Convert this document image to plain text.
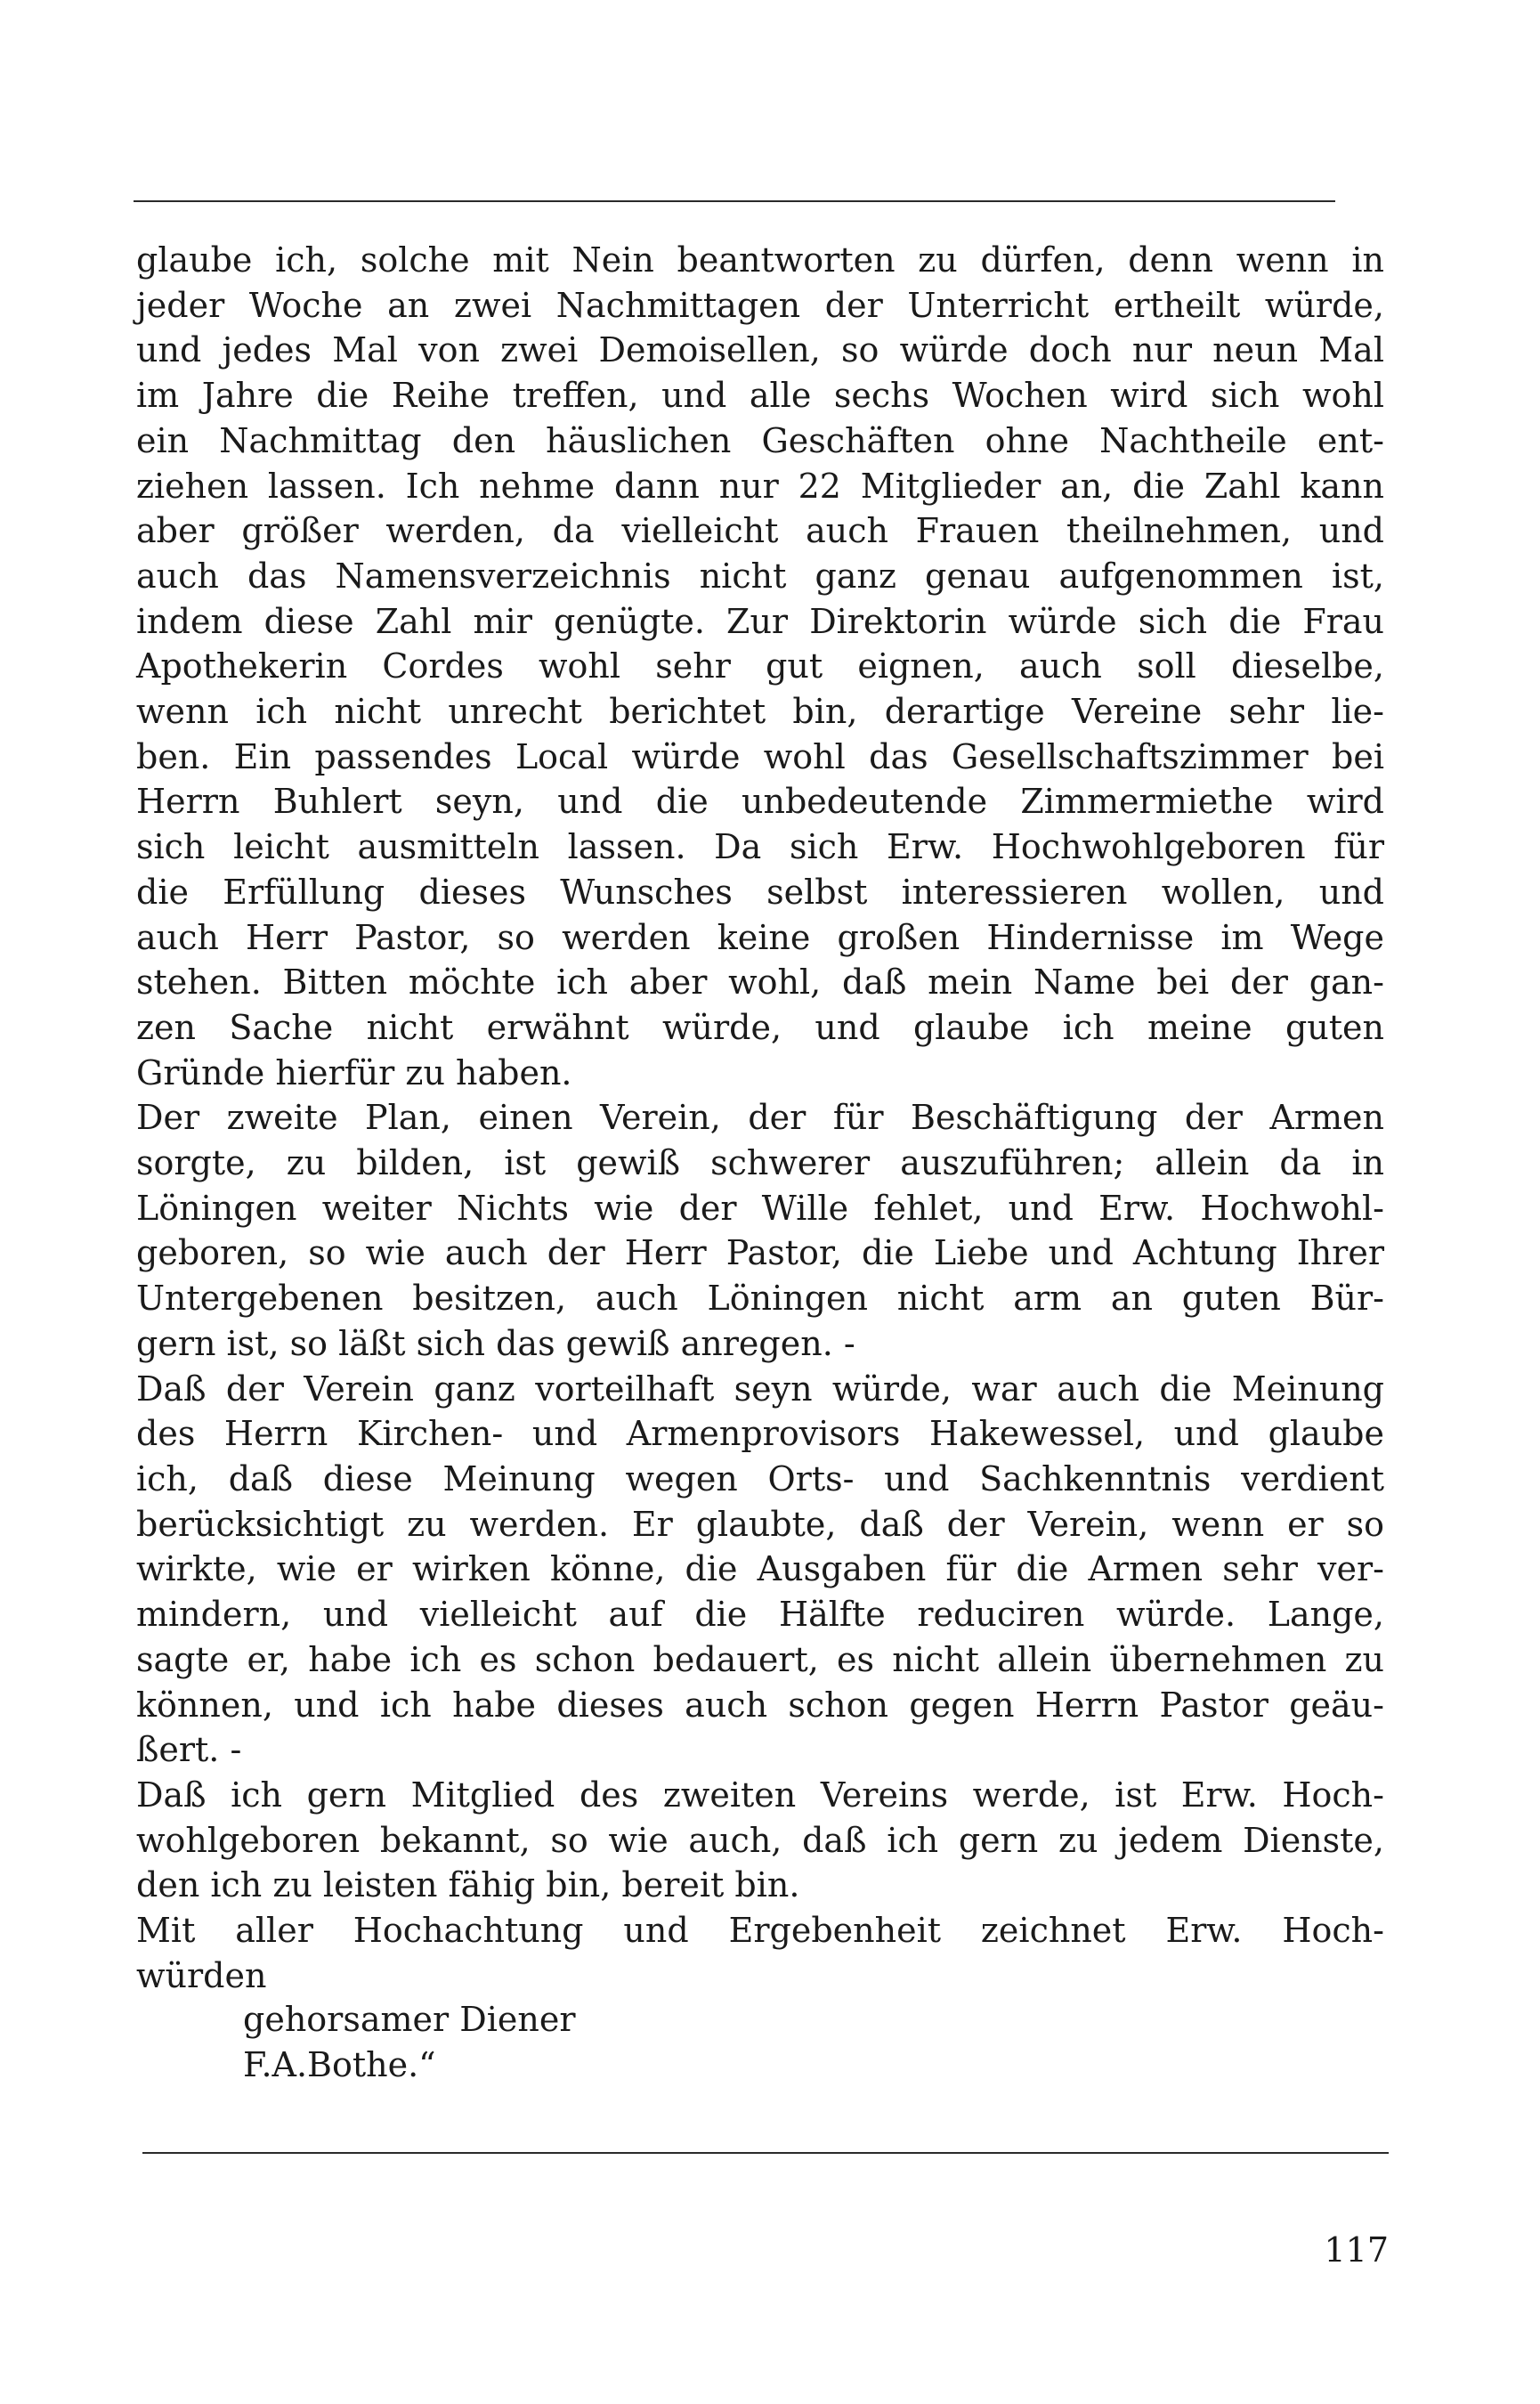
glaube ich, solche mit Nein beantworten zu dürfen, denn wenn in
jeder Woche an zwei Nachmittagen der Unterricht ertheilt würde,
und jedes Mal von zwei Demoisellen, so würde doch nur neun Mal
im Jahre die Reihe treffen, und alle sechs Wochen wird sich wohl
ein Nachmittag den häuslichen Geschäften ohne Nachtheile ent-
ziehen lassen. Ich nehme dann nur 22 Mitglieder an, die Zahl kann
aber größer werden, da vielleicht auch Frauen theilnehmen, und
auch das Namensverzeichnis nicht ganz genau aufgenommen ist,
indem diese Zahl mir genügte. Zur Direktorin würde sich die Frau
Apothekerin Cordes wohl sehr gut eignen, auch soll dieselbe,
wenn ich nicht unrecht berichtet bin, derartige Vereine sehr lie-
ben. Ein passendes Local würde wohl das Gesellschaftszimmer bei
Herrn Buhlert seyn, und die unbedeutende Zimmermiethe wird
sich leicht ausmitteln lassen. Da sich Erw. Hochwohlgeboren für
die Erfüllung dieses Wunsches selbst interessieren wollen, und
auch Herr Pastor, so werden keine großen Hindernisse im Wege
stehen. Bitten möchte ich aber wohl, daß mein Name bei der gan-
zen Sache nicht erwähnt würde, und glaube ich meine guten
Gründe hierfür zu haben.
Der zweite Plan, einen Verein, der für Beschäftigung der Armen
sorgte, zu bilden, ist gewiß schwerer auszuführen; allein da in
Löningen weiter Nichts wie der Wille fehlet, und Erw. Hochwohl-
geboren, so wie auch der Herr Pastor, die Liebe und Achtung Ihrer
Untergebenen besitzen, auch Löningen nicht arm an guten Bür-
gern ist, so läßt sich das gewiß anregen. -
Daß der Verein ganz vorteilhaft seyn würde, war auch die Meinung
des Herrn Kirchen- und Armenprovisors Hakewessel, und glaube
ich, daß diese Meinung wegen Orts- und Sachkenntnis verdient
berücksichtigt zu werden. Er glaubte, daß der Verein, wenn er so
wirkte, wie er wirken könne, die Ausgaben für die Armen sehr ver-
mindern, und vielleicht auf die Hälfte reduciren würde. Lange,
sagte er, habe ich es schon bedauert, es nicht allein übernehmen zu
können, und ich habe dieses auch schon gegen Herrn Pastor geäu-
ßert. -
Daß ich gern Mitglied des zweiten Vereins werde, ist Erw. Hoch-
wohlgeboren bekannt, so wie auch, daß ich gern zu jedem Dienste,
den ich zu leisten fähig bin, bereit bin.
Mit aller Hochachtung und Ergebenheit zeichnet Erw. Hoch-
würden
gehorsamer Diener
F.A.Bothe.“
117
